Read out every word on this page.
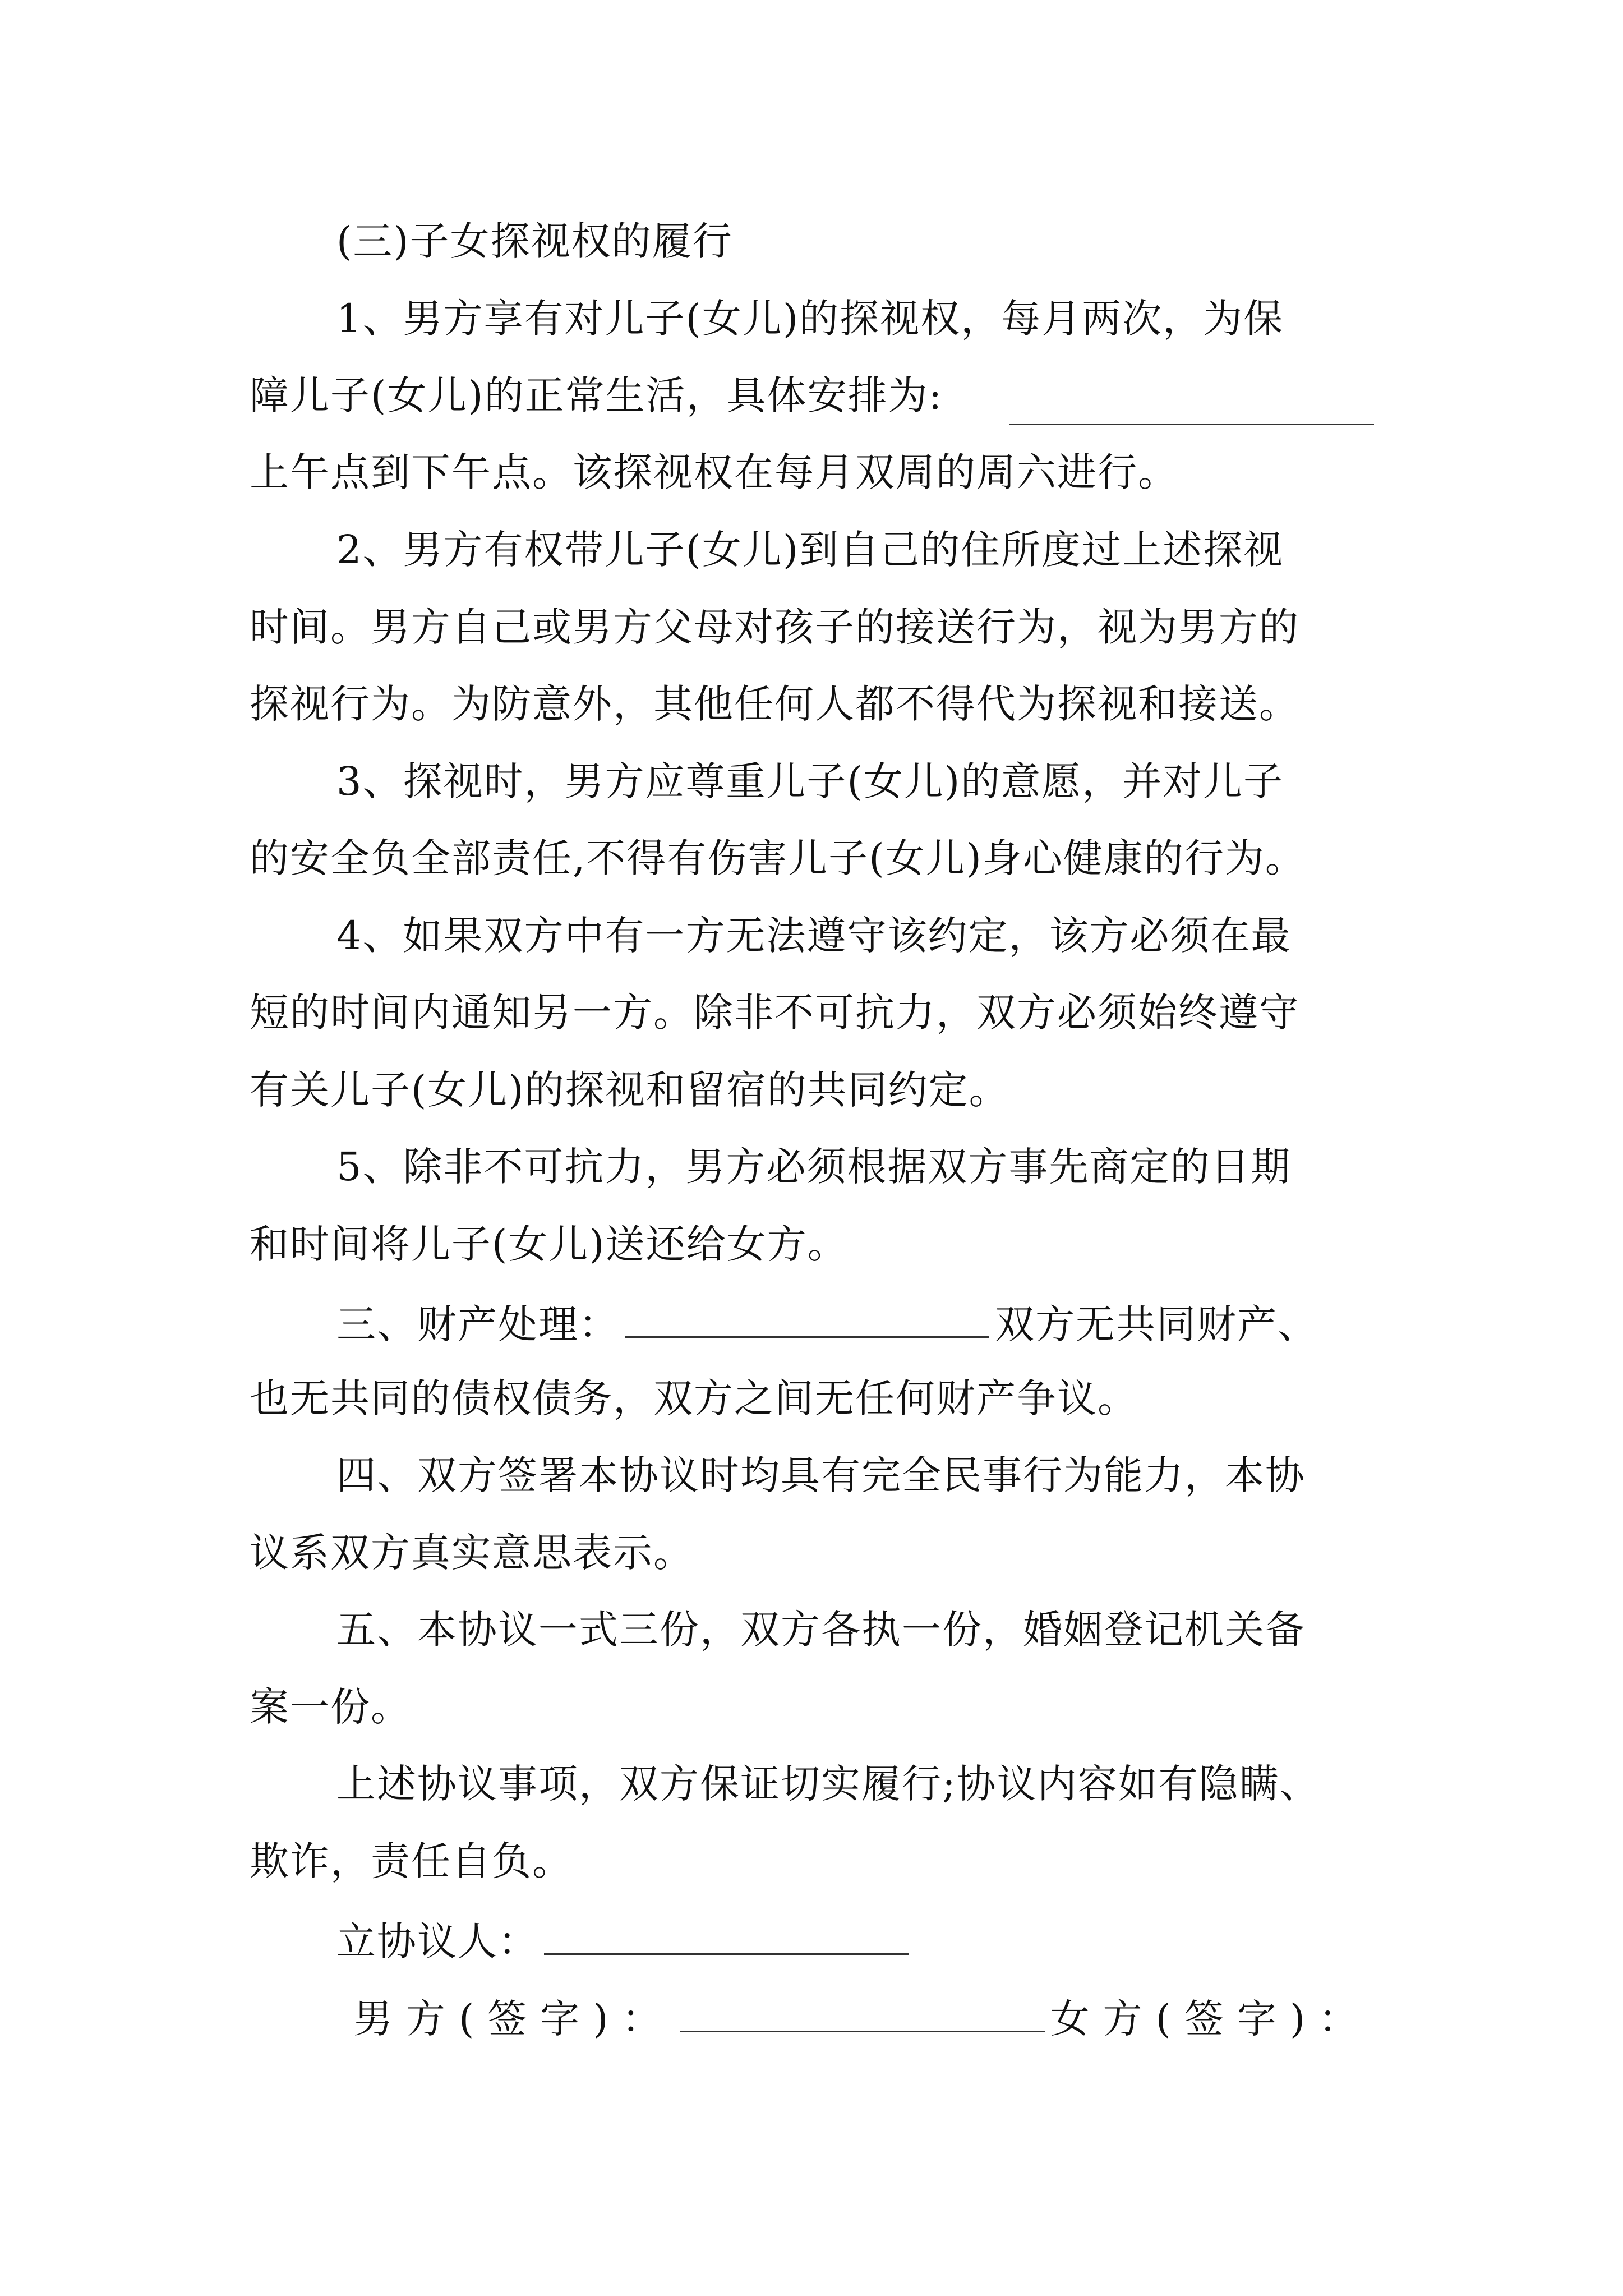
(三)子女探视权的履行
1、男方享有对儿子(女儿)的探视权，每月两次，为保
障儿子(女儿)的正常生活，具体安排为:
上午点到下午点。该探视权在每月双周的周六进行。
2、男方有权带儿子(女儿)到自己的住所度过上述探视
时间。男方自己或男方父母对孩子的接送行为，视为男方的
探视行为。为防意外，其他任何人都不得代为探视和接送。
3、探视时，男方应尊重儿子(女儿)的意愿，并对儿子
的安全负全部责任,不得有伤害儿子(女儿)身心健康的行为。
4、如果双方中有一方无法遵守该约定，该方必须在最
短的时间内通知另一方。除非不可抗力，双方必须始终遵守
有关儿子(女儿)的探视和留宿的共同约定。
5、除非不可抗力，男方必须根据双方事先商定的日期
和时间将儿子(女儿)送还给女方。
三、财产处理：	双方无共同财产、
也无共同的债权债务，双方之间无任何财产争议。
四、双方签署本协议时均具有完全民事行为能力，本协
议系双方真实意思表示。
五、本协议一式三份，双方各执一份，婚姻登记机关备
案一份。
上述协议事项，双方保证切实履行;协议内容如有隐瞒、
欺诈，责任自负。
立协议人：
男方(签字)：	女方(签字)：
